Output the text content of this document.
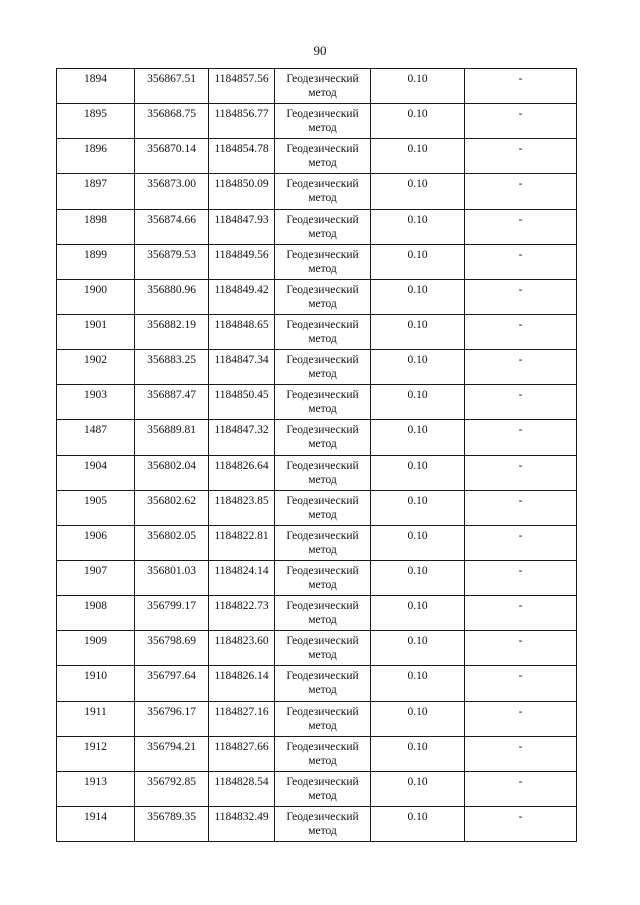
90
1894	356867.51	1184857.56	Геодезический метод	0.10	-
1895	356868.75	1184856.77	Геодезический метод	0.10	-
1896	356870.14	1184854.78	Геодезический метод	0.10	-
1897	356873.00	1184850.09	Геодезический метод	0.10	-
1898	356874.66	1184847.93	Геодезический метод	0.10	-
1899	356879.53	1184849.56	Геодезический метод	0.10	-
1900	356880.96	1184849.42	Геодезический метод	0.10	-
1901	356882.19	1184848.65	Геодезический метод	0.10	-
1902	356883.25	1184847.34	Геодезический метод	0.10	-
1903	356887.47	1184850.45	Геодезический метод	0.10	-
1487	356889.81	1184847.32	Геодезический метод	0.10	-
1904	356802.04	1184826.64	Геодезический метод	0.10	-
1905	356802.62	1184823.85	Геодезический метод	0.10	-
1906	356802.05	1184822.81	Геодезический метод	0.10	-
1907	356801.03	1184824.14	Геодезический метод	0.10	-
1908	356799.17	1184822.73	Геодезический метод	0.10	-
1909	356798.69	1184823.60	Геодезический метод	0.10	-
1910	356797.64	1184826.14	Геодезический метод	0.10	-
1911	356796.17	1184827.16	Геодезический метод	0.10	-
1912	356794.21	1184827.66	Геодезический метод	0.10	-
1913	356792.85	1184828.54	Геодезический метод	0.10	-
1914	356789.35	1184832.49	Геодезический метод	0.10	-
